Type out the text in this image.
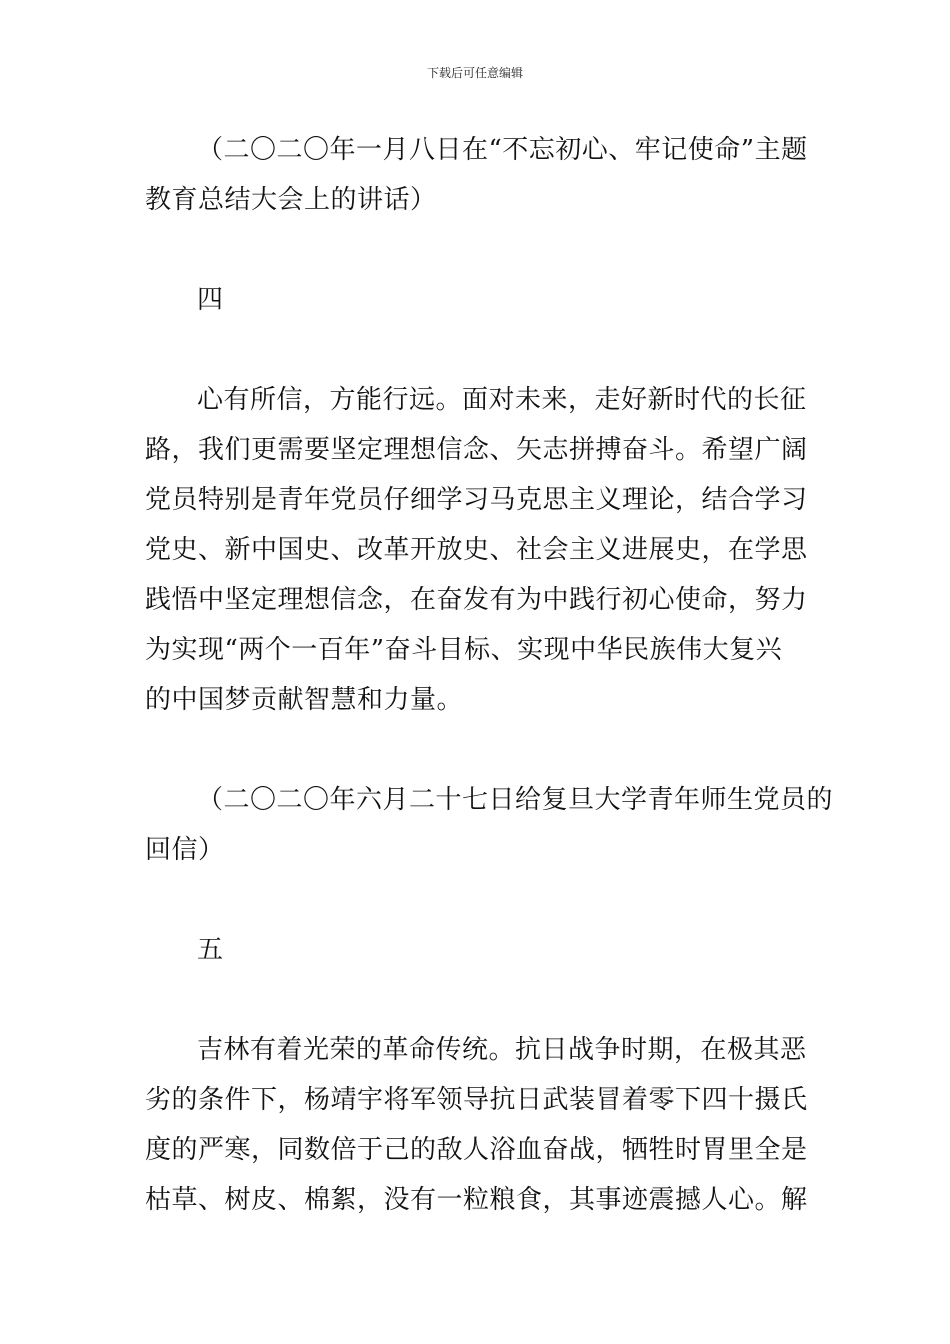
下载后可任意编辑
（二〇二〇年一月八日在“不忘初心、牢记使命”主题
教育总结大会上的讲话）
四
心有所信，方能行远。面对未来，走好新时代的长征
路，我们更需要坚定理想信念、矢志拼搏奋斗。希望广阔
党员特别是青年党员仔细学习马克思主义理论，结合学习
党史、新中国史、改革开放史、社会主义进展史，在学思
践悟中坚定理想信念，在奋发有为中践行初心使命，努力
为实现“两个一百年”奋斗目标、实现中华民族伟大复兴
的中国梦贡献智慧和力量。
（二〇二〇年六月二十七日给复旦大学青年师生党员的
回信）
五
吉林有着光荣的革命传统。抗日战争时期，在极其恶
劣的条件下，杨靖宇将军领导抗日武装冒着零下四十摄氏
度的严寒，同数倍于己的敌人浴血奋战，牺牲时胃里全是
枯草、树皮、棉絮，没有一粒粮食，其事迹震撼人心。解
